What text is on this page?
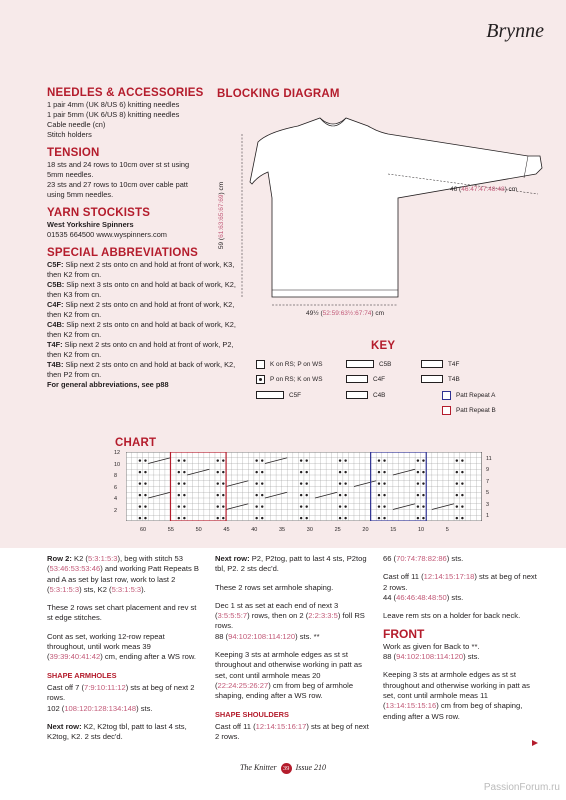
Brynne
NEEDLES & ACCESSORIES

1 pair 4mm (UK 8/US 6) knitting needles

1 pair 5mm (UK 6/US 8) knitting needles

Cable needle (cn)

Stitch holders

TENSION

18 sts and 24 rows to 10cm over st st using

5mm needles.

23 sts and 27 rows to 10cm over cable patt

using 5mm needles.

YARN STOCKISTS

West Yorkshire Spinners

01535 664500 www.wyspinners.com

SPECIAL ABBREVIATIONS

C5F: Slip next 2 sts onto cn and hold at front of work, K3, then K2 from cn.

C5B: Slip next 3 sts onto cn and hold at back of work, K2, then K3 from cn.

C4F: Slip next 2 sts onto cn and hold at front of work, K2, then K2 from cn.

C4B: Slip next 2 sts onto cn and hold at back of work, K2, then K2 from cn.

T4F: Slip next 2 sts onto cn and hold at front of work, P2, then K2 from cn.

T4B: Slip next 2 sts onto cn and hold at back of work, K2, then P2 from cn.

For general abbreviations, see p88

BLOCKING DIAGRAM
46 (46:47:47:48:48) cm
59 (61:63:65:67:69) cm
49½ (52:59:63½:67:74) cm
KEY
K on RS; P on WS	C5B	T4F
P on RS; K on WS	C4F	T4B
C5F	C4B	Patt Repeat A
Patt Repeat B
CHART
12
10
8
6
4
2
11
9
7
5
3
1
60	55	50	45	40	35	30	25	20	15	10	5

Row 2: K2 (5:3:1:5:3), beg with stitch 53 (53:46:53:53:46) and working Patt Repeats B and A as set by last row, work to last 2 (5:3:1:5:3) sts, K2 (5:3:1:5:3).

These 2 rows set chart placement and rev st st edge stitches.

Cont as set, working 12-row repeat throughout, until work meas 39 (39:39:40:41:42) cm, ending after a WS row.

SHAPE ARMHOLES

Cast off 7 (7:9:10:11:12) sts at beg of next 2 rows.

102 (108:120:128:134:148) sts.

Next row: K2, K2tog tbl, patt to last 4 sts, K2tog, K2. 2 sts dec'd.

Next row: P2, P2tog, patt to last 4 sts, P2tog tbl, P2. 2 sts dec'd.

These 2 rows set armhole shaping.

Dec 1 st as set at each end of next 3 (3:5:5:5:7) rows, then on 2 (2:2:3:3:5) foll RS rows.

88 (94:102:108:114:120) sts. **

Keeping 3 sts at armhole edges as st st throughout and otherwise working in patt as set, cont until armhole meas 20 (22:24:25:26:27) cm from beg of armhole shaping, ending after a WS row.

SHAPE SHOULDERS

Cast off 11 (12:14:15:16:17) sts at beg of next 2 rows.

66 (70:74:78:82:86) sts.

Cast off 11 (12:14:15:17:18) sts at beg of next 2 rows.

44 (46:46:48:48:50) sts.

Leave rem sts on a holder for back neck.

FRONT

Work as given for Back to **.

88 (94:102:108:114:120) sts.

Keeping 3 sts at armhole edges as st st throughout and otherwise working in patt as set, cont until armhole meas 11 (13:14:15:15:16) cm from beg of shaping, ending after a WS row.

The Knitter 39 Issue 210
PassionForum.ru
